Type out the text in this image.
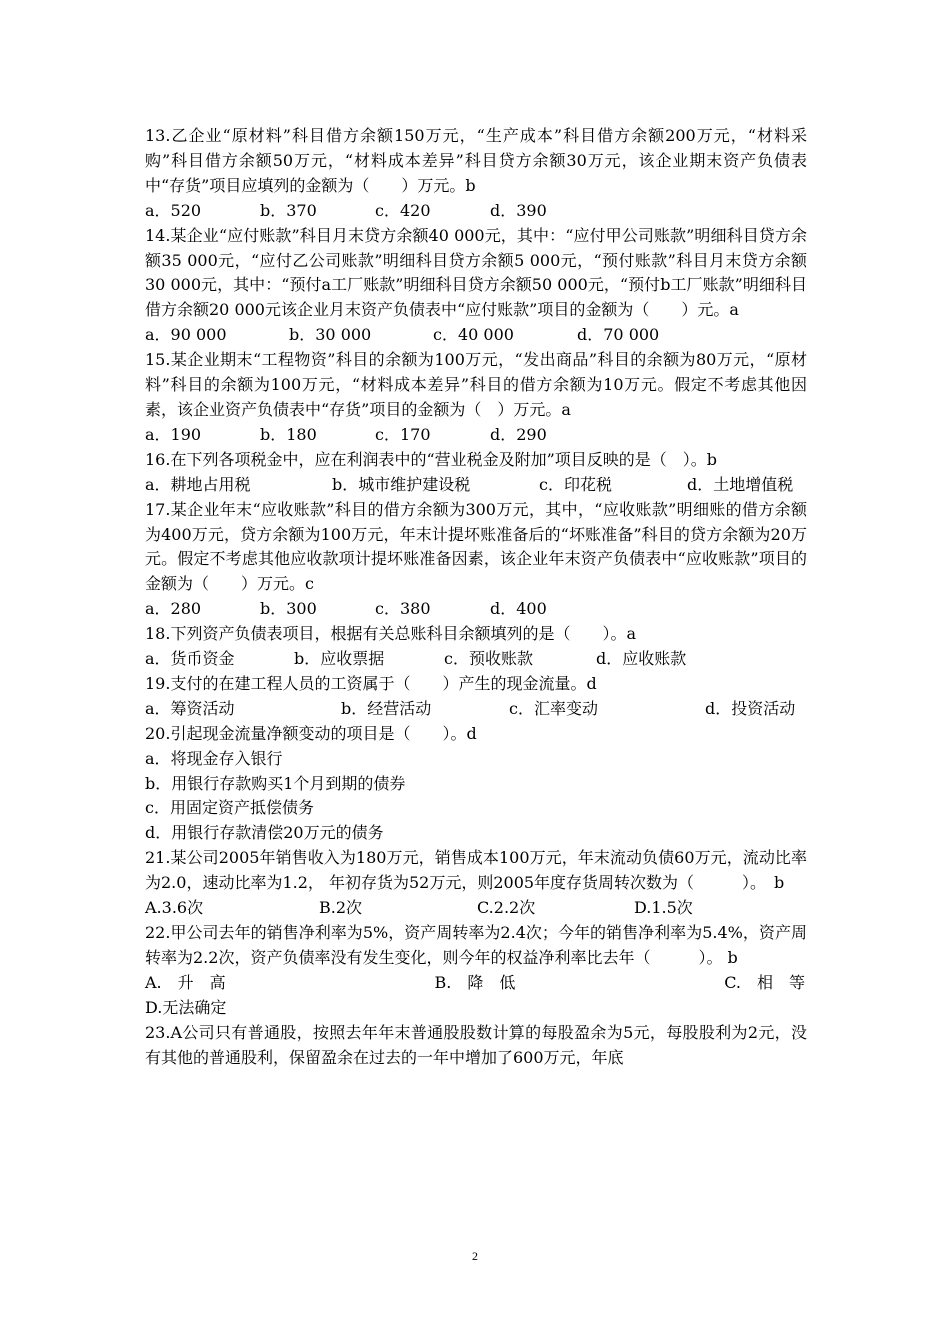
13.乙企业“原材料”科目借方余额150万元，“生产成本”科目借方余额200万元，“材料采购”科目借方余额50万元，“材料成本差异”科目贷方余额30万元，该企业期末资产负债表中“存货”项目应填列的金额为（　　）万元。b

a．520	b．370	c．420	d．390

14.某企业“应付账款”科目月末贷方余额40 000元，其中：“应付甲公司账款”明细科目贷方余额35 000元，“应付乙公司账款”明细科目贷方余额5 000元，“预付账款”科目月末贷方余额30 000元，其中：“预付a工厂账款”明细科目贷方余额50 000元，“预付b工厂账款”明细科目借方余额20 000元该企业月末资产负债表中“应付账款”项目的金额为（　　）元。a

a．90 000	b．30 000	c．40 000	d．70 000

15.某企业期末“工程物资”科目的余额为100万元，“发出商品”科目的余额为80万元，“原材料”科目的余额为100万元，“材料成本差异”科目的借方余额为10万元。假定不考虑其他因素，该企业资产负债表中“存货”项目的金额为（　）万元。a

a．190	b．180	c．170	d．290

16.在下列各项税金中，应在利润表中的“营业税金及附加”项目反映的是（　）。b

a．耕地占用税	b．城市维护建设税	c．印花税	d．土地增值税

17.某企业年末“应收账款”科目的借方余额为300万元，其中，“应收账款”明细账的借方余额为400万元，贷方余额为100万元，年末计提坏账准备后的“坏账准备”科目的贷方余额为20万元。假定不考虑其他应收款项计提坏账准备因素，该企业年末资产负债表中“应收账款”项目的金额为（　　）万元。c

a．280	b．300	c．380	d．400

18.下列资产负债表项目，根据有关总账科目余额填列的是（　　）。a

a．货币资金	b．应收票据	c．预收账款	d．应收账款

19.支付的在建工程人员的工资属于（　　）产生的现金流量。d

a．筹资活动	b．经营活动	c．汇率变动	d．投资活动

20.引起现金流量净额变动的项目是（　　）。d

a．将现金存入银行
b．用银行存款购买1个月到期的债券
c．用固定资产抵偿债务
d．用银行存款清偿20万元的债务

21.某公司2005年销售收入为180万元，销售成本100万元，年末流动负债60万元，流动比率为2.0，速动比率为1.2， 年初存货为52万元，则2005年度存货周转次数为（　　　）。　b

A.3.6次	B.2次	C.2.2次	D.1.5次

22.甲公司去年的销售净利率为5%，资产周转率为2.4次；今年的销售净利率为5.4%，资产周转率为2.2次，资产负债率没有发生变化，则今年的权益净利率比去年（　　　）。 b

A.　升　高	B.　降　低	C.　相　等
D.无法确定

23.A公司只有普通股，按照去年年末普通股股数计算的每股盈余为5元，每股股利为2元，没有其他的普通股利，保留盈余在过去的一年中增加了600万元，年底

2
